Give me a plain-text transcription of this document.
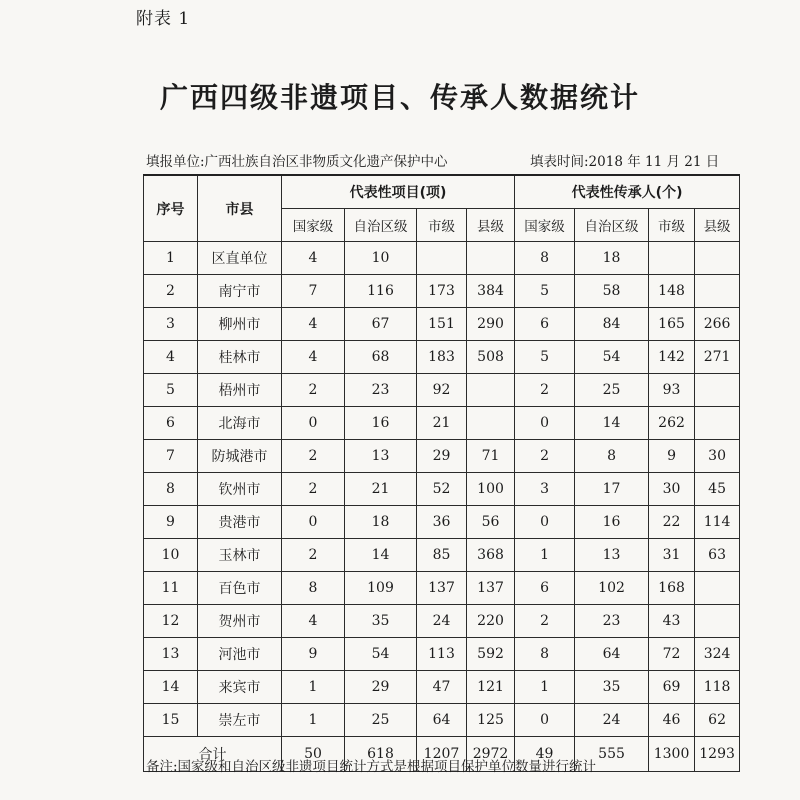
附表 1
广西四级非遗项目、传承人数据统计
填报单位:广西壮族自治区非物质文化遗产保护中心	填表时间:2018 年 11 月 21 日
序号	市县	代表性项目(项)				代表性传承人(个)			
		国家级	自治区级	市级	县级	国家级	自治区级	市级	县级
1	区直单位	4	10			8	18		
2	南宁市	7	116	173	384	5	58	148	
3	柳州市	4	67	151	290	6	84	165	266
4	桂林市	4	68	183	508	5	54	142	271
5	梧州市	2	23	92		2	25	93	
6	北海市	0	16	21		0	14	262	
7	防城港市	2	13	29	71	2	8	9	30
8	钦州市	2	21	52	100	3	17	30	45
9	贵港市	0	18	36	56	0	16	22	114
10	玉林市	2	14	85	368	1	13	31	63
11	百色市	8	109	137	137	6	102	168	
12	贺州市	4	35	24	220	2	23	43	
13	河池市	9	54	113	592	8	64	72	324
14	来宾市	1	29	47	121	1	35	69	118
15	崇左市	1	25	64	125	0	24	46	62
合计		50	618	1207	2972	49	555	1300	1293
备注:国家级和自治区级非遗项目统计方式是根据项目保护单位数量进行统计
